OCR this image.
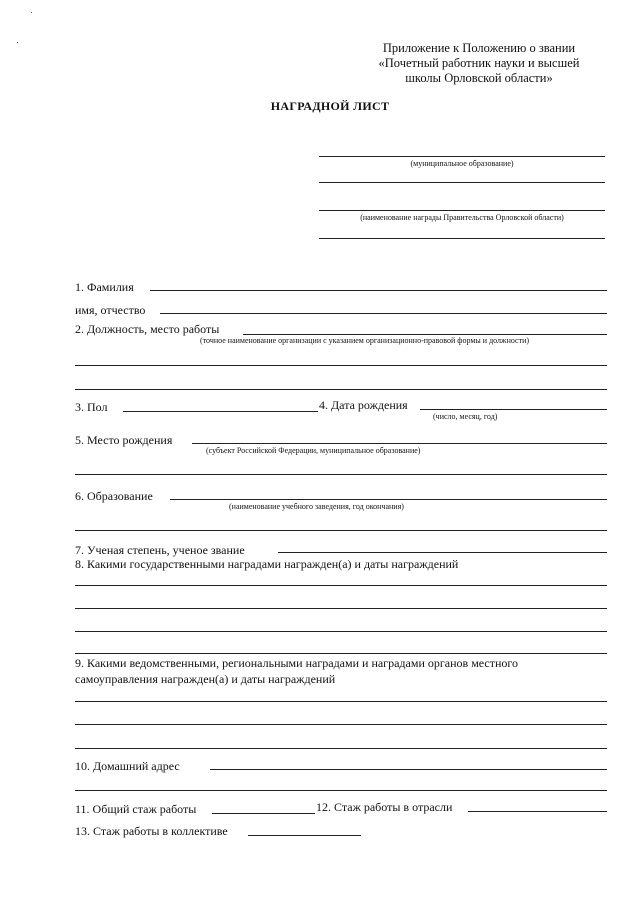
Приложение к Положению о звании
«Почетный работник науки и высшей
школы Орловской области»
НАГРАДНОЙ ЛИСТ
(муниципальное образование)
(наименование награды Правительства Орловской области)
1. Фамилия
имя, отчество
2. Должность, место работы
(точное наименование организации с указанием организационно-правовой формы и должности)
3. Пол	4. Дата рождения
(число, месяц, год)
5. Место рождения
(субъект Российской Федерации, муниципальное образование)
6. Образование
(наименование учебного заведения, год окончания)
7. Ученая степень, ученое звание
8. Какими государственными наградами награжден(а) и даты награждений
9. Какими ведомственными, региональными наградами и наградами органов местного
самоуправления награжден(а) и даты награждений
10. Домашний адрес
11. Общий стаж работы	12. Стаж работы в отрасли
13. Стаж работы в коллективе
